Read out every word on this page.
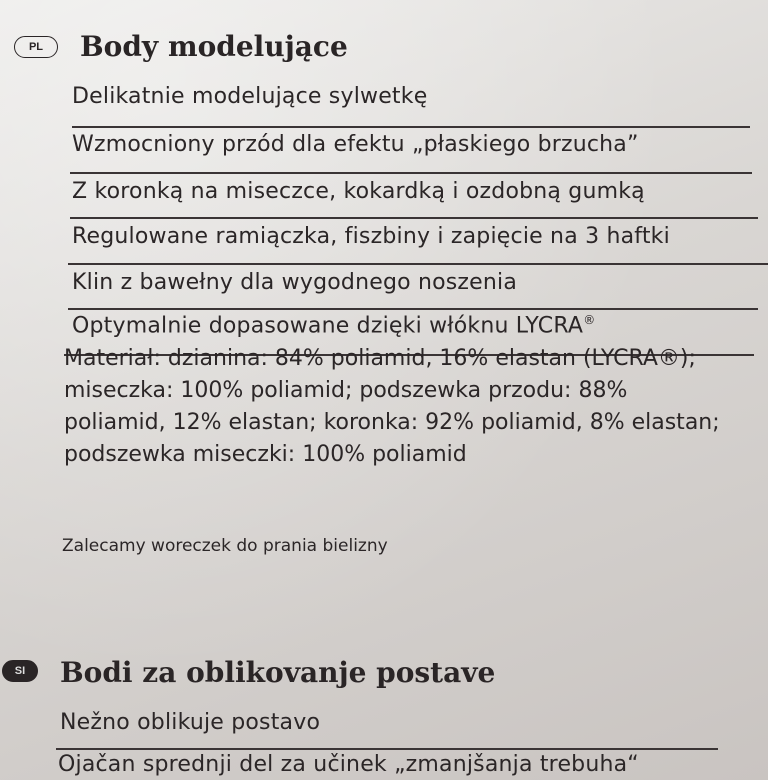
PL	Body modelujące
Delikatnie modelujące sylwetkę
Wzmocniony przód dla efektu „płaskiego brzucha”
Z koronką na miseczce, kokardką i ozdobną gumką
Regulowane ramiączka, fiszbiny i zapięcie na 3 haftki
Klin z bawełny dla wygodnego noszenia
Optymalnie dopasowane dzięki włóknu LYCRA®
Materiał: dzianina: 84% poliamid, 16% elastan (LYCRA®); miseczka: 100% poliamid; podszewka przodu: 88% poliamid, 12% elastan; koronka: 92% poliamid, 8% elastan; podszewka miseczki: 100% poliamid
Zalecamy woreczek do prania bielizny
SI	Bodi za oblikovanje postave
Nežno oblikuje postavo
Ojačan sprednji del za učinek „zmanjšanja trebuha“
